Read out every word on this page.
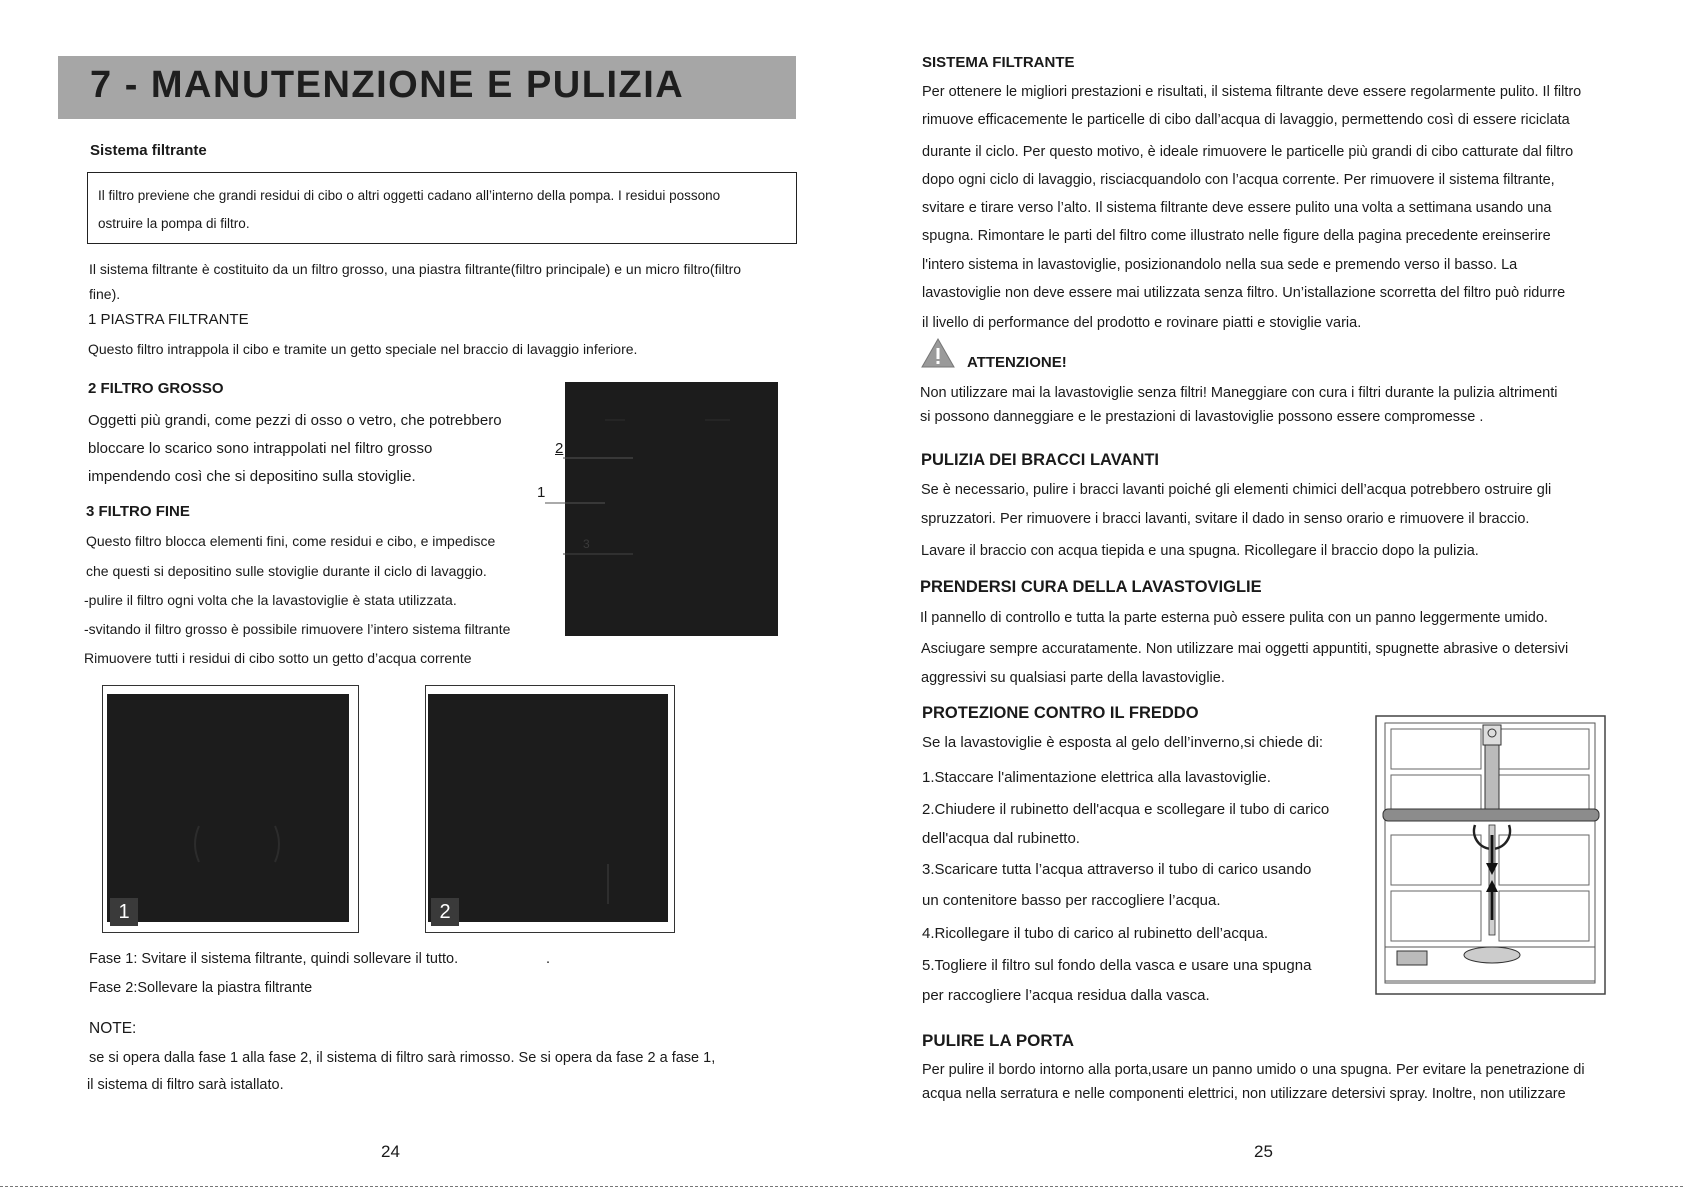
7 - MANUTENZIONE E PULIZIA
Sistema filtrante
Il filtro previene che grandi residui di cibo o altri oggetti cadano all’interno della pompa. I residui possono
ostruire la pompa di filtro.
Il sistema filtrante è costituito da un filtro grosso, una piastra filtrante(filtro principale) e un micro filtro(filtro
fine).
1 PIASTRA FILTRANTE
Questo filtro intrappola il cibo e tramite un getto speciale nel braccio di lavaggio inferiore.
2 FILTRO GROSSO
Oggetti più grandi, come pezzi di osso o vetro, che potrebbero
bloccare lo scarico sono intrappolati nel filtro grosso
impendendo così che si depositino sulla stoviglie.
3 FILTRO FINE
Questo filtro blocca elementi fini, come residui e cibo, e impedisce
che questi si depositino sulle stoviglie durante il ciclo di lavaggio.
-pulire il filtro ogni volta che la lavastoviglie è stata utilizzata.
-svitando il filtro grosso è possibile rimuovere l’intero sistema filtrante
Rimuovere tutti i residui di cibo sotto un getto d’acqua corrente
2
1
3
1	2
Fase 1: Svitare il sistema filtrante, quindi sollevare il tutto.	.
Fase 2:Sollevare la piastra filtrante
NOTE:
se si opera dalla fase 1 alla fase 2, il sistema di filtro sarà rimosso. Se si opera da fase 2 a fase 1,
il sistema di filtro sarà istallato.
24
SISTEMA FILTRANTE
Per ottenere le migliori prestazioni e risultati, il sistema filtrante deve essere regolarmente pulito. Il filtro
rimuove efficacemente le particelle di cibo dall’acqua di lavaggio, permettendo così di essere riciclata
durante il ciclo. Per questo motivo, è ideale rimuovere le particelle più grandi di cibo catturate dal filtro
dopo ogni ciclo di lavaggio, risciacquandolo con l’acqua corrente. Per rimuovere il sistema filtrante,
svitare e tirare verso l’alto. Il sistema filtrante deve essere pulito una volta a settimana usando una
spugna. Rimontare le parti del filtro come illustrato nelle figure della pagina precedente ereinserire
l'intero sistema in lavastoviglie, posizionandolo nella sua sede e premendo verso il basso. La
lavastoviglie non deve essere mai utilizzata senza filtro. Un’istallazione scorretta del filtro può ridurre
il livello di performance del prodotto e rovinare piatti e stoviglie varia.
ATTENZIONE!
Non utilizzare mai la lavastoviglie senza filtri! Maneggiare con cura i filtri durante la pulizia altrimenti
si possono danneggiare e le prestazioni di lavastoviglie possono essere compromesse .
PULIZIA DEI BRACCI LAVANTI
Se è necessario, pulire i bracci lavanti poiché gli elementi chimici dell’acqua potrebbero ostruire gli
spruzzatori. Per rimuovere i bracci lavanti, svitare il dado in senso orario e rimuovere il braccio.
Lavare il braccio con acqua tiepida e una spugna. Ricollegare il braccio dopo la pulizia.
PRENDERSI CURA DELLA LAVASTOVIGLIE
Il pannello di controllo e tutta la parte esterna può essere pulita con un panno leggermente umido.
Asciugare sempre accuratamente. Non utilizzare mai oggetti appuntiti, spugnette abrasive o detersivi
aggressivi su qualsiasi parte della lavastoviglie.
PROTEZIONE CONTRO IL FREDDO
Se la lavastoviglie è esposta al gelo dell’inverno,si chiede di:
1.Staccare l'alimentazione elettrica alla lavastoviglie.
2.Chiudere il rubinetto dell'acqua e scollegare il tubo di carico
dell'acqua dal rubinetto.
3.Scaricare tutta l’acqua attraverso il tubo di carico usando
un contenitore basso per raccogliere l’acqua.
4.Ricollegare il tubo di carico al rubinetto dell’acqua.
5.Togliere il filtro sul fondo della vasca e usare una spugna
per raccogliere l’acqua residua dalla vasca.
PULIRE LA PORTA
Per pulire il bordo intorno alla porta,usare un panno umido o una spugna. Per evitare la penetrazione di
acqua nella serratura e nelle componenti elettrici, non utilizzare detersivi spray. Inoltre, non utilizzare
25
